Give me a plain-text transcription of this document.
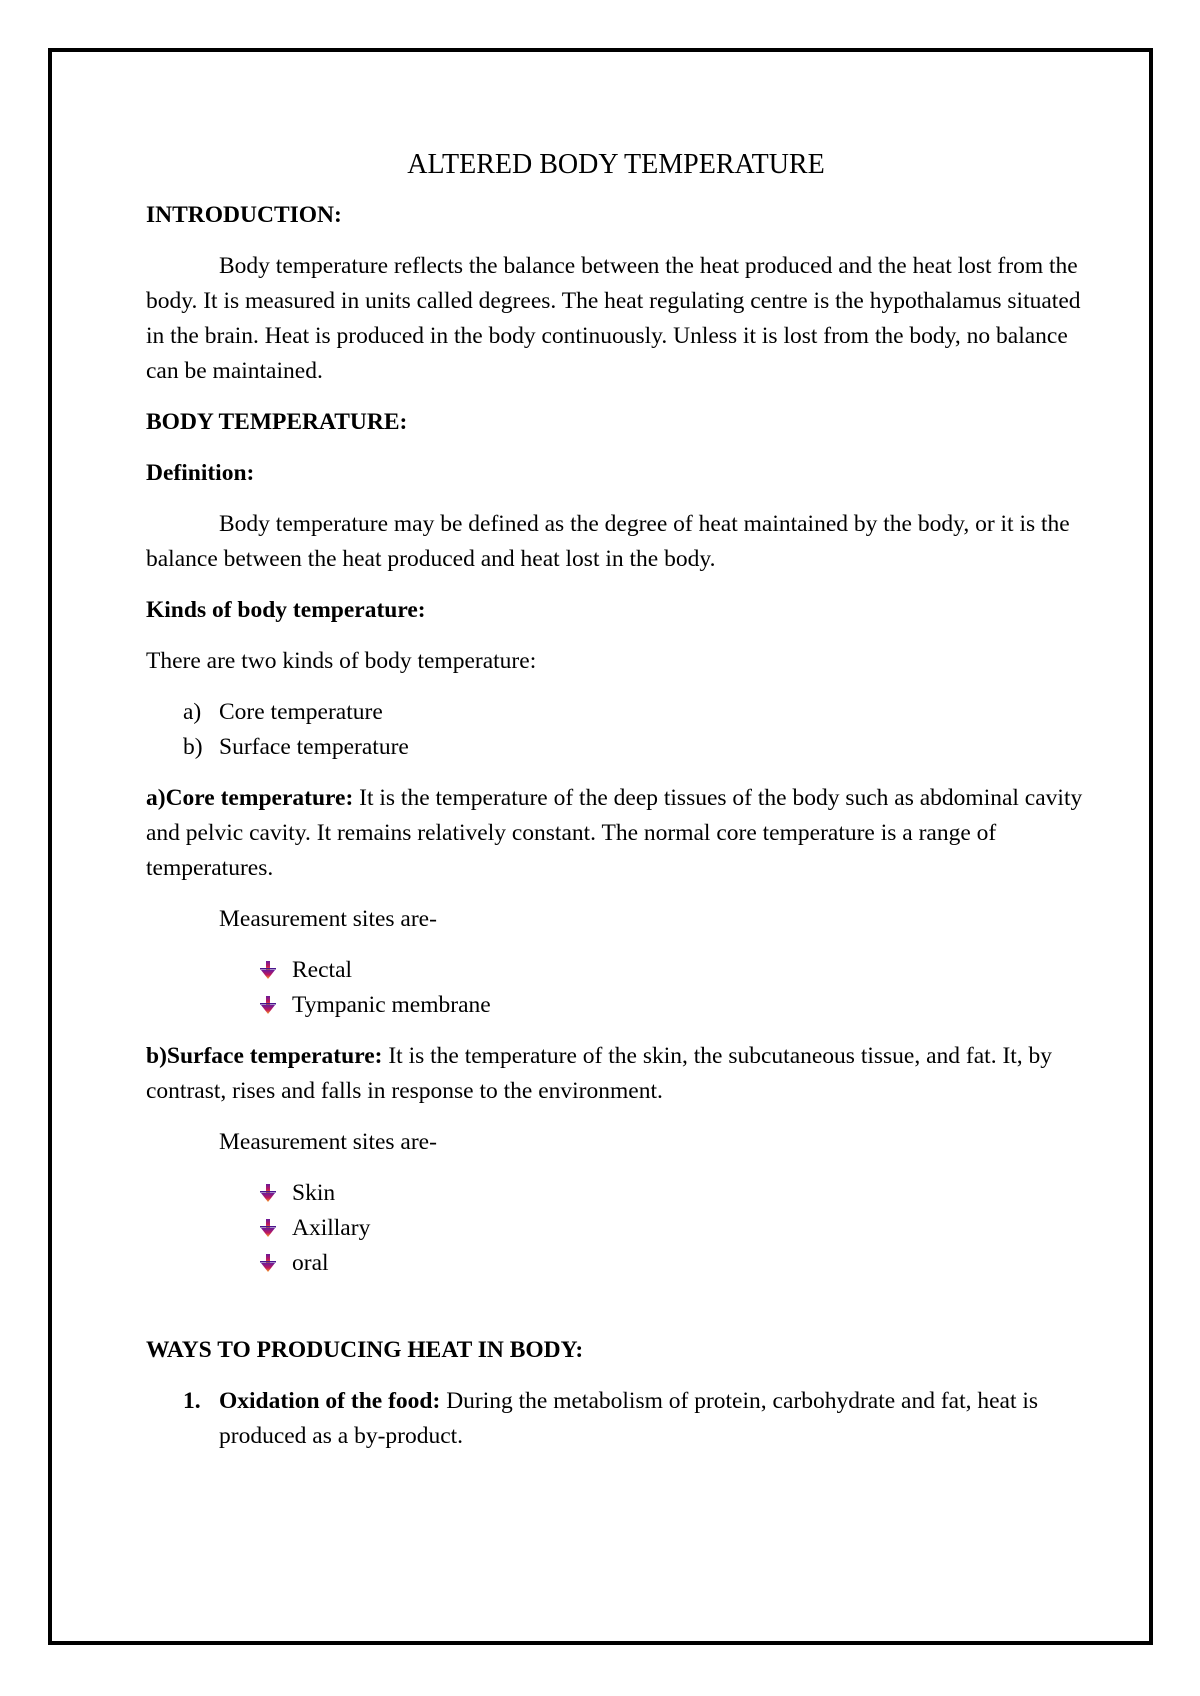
ALTERED BODY TEMPERATURE
INTRODUCTION:

Body temperature reflects the balance between the heat produced and the heat lost from the body. It is measured in units called degrees. The heat regulating centre is the hypothalamus situated in the brain. Heat is produced in the body continuously. Unless it is lost from the body, no balance can be maintained.

BODY TEMPERATURE:
Definition:

Body temperature may be defined as the degree of heat maintained by the body, or it is the balance between the heat produced and heat lost in the body.

Kinds of body temperature:

There are two kinds of body temperature:

a) Core temperature
b) Surface temperature

a)Core temperature: It is the temperature of the deep tissues of the body such as abdominal cavity and pelvic cavity. It remains relatively constant. The normal core temperature is a range of temperatures.

Measurement sites are-

Rectal
Tympanic membrane

b)Surface temperature: It is the temperature of the skin, the subcutaneous tissue, and fat. It, by contrast, rises and falls in response to the environment.

Measurement sites are-

Skin
Axillary
oral
WAYS TO PRODUCING HEAT IN BODY:
1. Oxidation of the food: During the metabolism of protein, carbohydrate and fat, heat is produced as a by-product.
